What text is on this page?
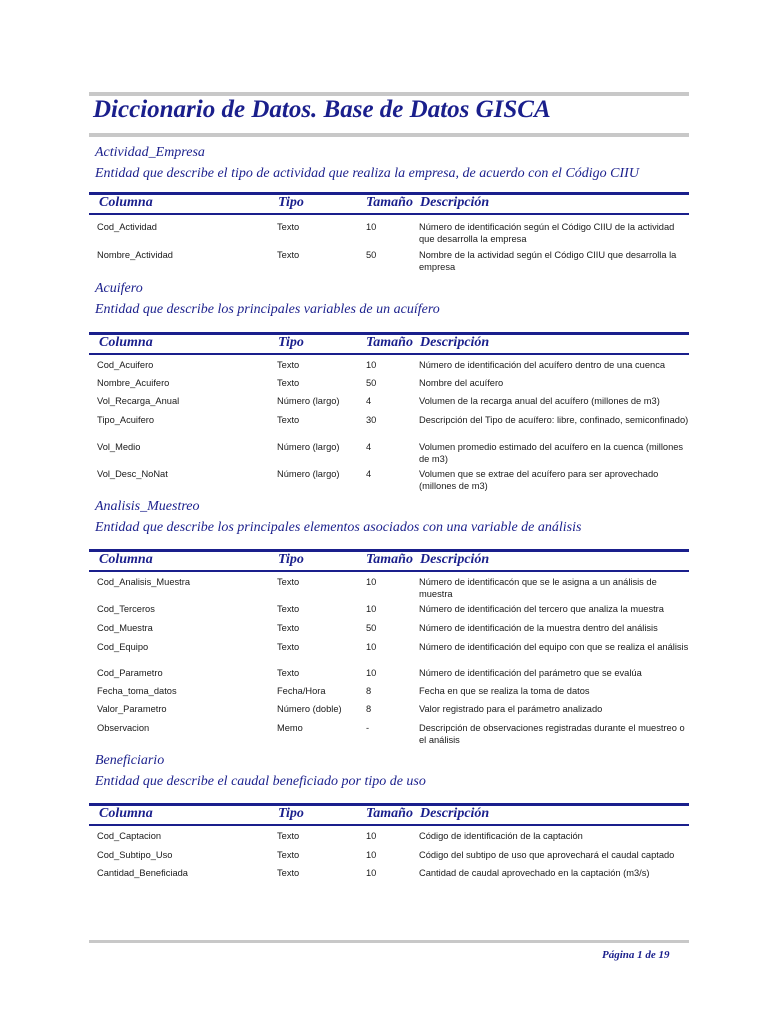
Diccionario de Datos. Base de Datos GISCA
Actividad_Empresa
Entidad que describe el tipo de actividad que realiza la empresa, de acuerdo con el Código CIIU
Columna	Tipo	Tamaño Descripción
Cod_Actividad	Texto	10	Número de identificación según el Código CIIU de la actividad que desarrolla la empresa
Nombre_Actividad	Texto	50	Nombre de la actividad según el Código CIIU que desarrolla la empresa
Acuifero
Entidad que describe los principales variables de un acuífero
Columna	Tipo	Tamaño Descripción
Cod_Acuifero	Texto	10	Número de identificación del acuífero dentro de una cuenca
Nombre_Acuifero	Texto	50	Nombre del acuífero
Vol_Recarga_Anual	Número (largo)	4	Volumen de la recarga anual del acuífero (millones de m3)
Tipo_Acuifero	Texto	30	Descripción del Tipo de acuífero: libre, confinado, semiconfinado)
Vol_Medio	Número (largo)	4	Volumen promedio estimado del acuífero en la cuenca (millones de m3)
Vol_Desc_NoNat	Número (largo)	4	Volumen que se extrae del acuífero para ser aprovechado (millones de m3)
Analisis_Muestreo
Entidad que describe los principales elementos asociados con una variable de análisis
Columna	Tipo	Tamaño Descripción
Cod_Analisis_Muestra	Texto	10	Número de identificacón que se le asigna a un análisis de muestra
Cod_Terceros	Texto	10	Número de identificación del tercero que analiza la muestra
Cod_Muestra	Texto	50	Número de identificación de la muestra dentro del análisis
Cod_Equipo	Texto	10	Número de identificación del equipo con que se realiza el análisis
Cod_Parametro	Texto	10	Número de identificación del parámetro que se evalúa
Fecha_toma_datos	Fecha/Hora	8	Fecha en que se realiza la toma de datos
Valor_Parametro	Número (doble)	8	Valor registrado para el parámetro analizado
Observacion	Memo	-	Descripción de observaciones registradas durante el muestreo o el análisis
Beneficiario
Entidad que describe el caudal beneficiado por tipo de uso
Columna	Tipo	Tamaño Descripción
Cod_Captacion	Texto	10	Código de identificación de la captación
Cod_Subtipo_Uso	Texto	10	Código del subtipo de uso que aprovechará el caudal captado
Cantidad_Beneficiada	Texto	10	Cantidad de caudal aprovechado en la captación (m3/s)
Página 1 de 19
